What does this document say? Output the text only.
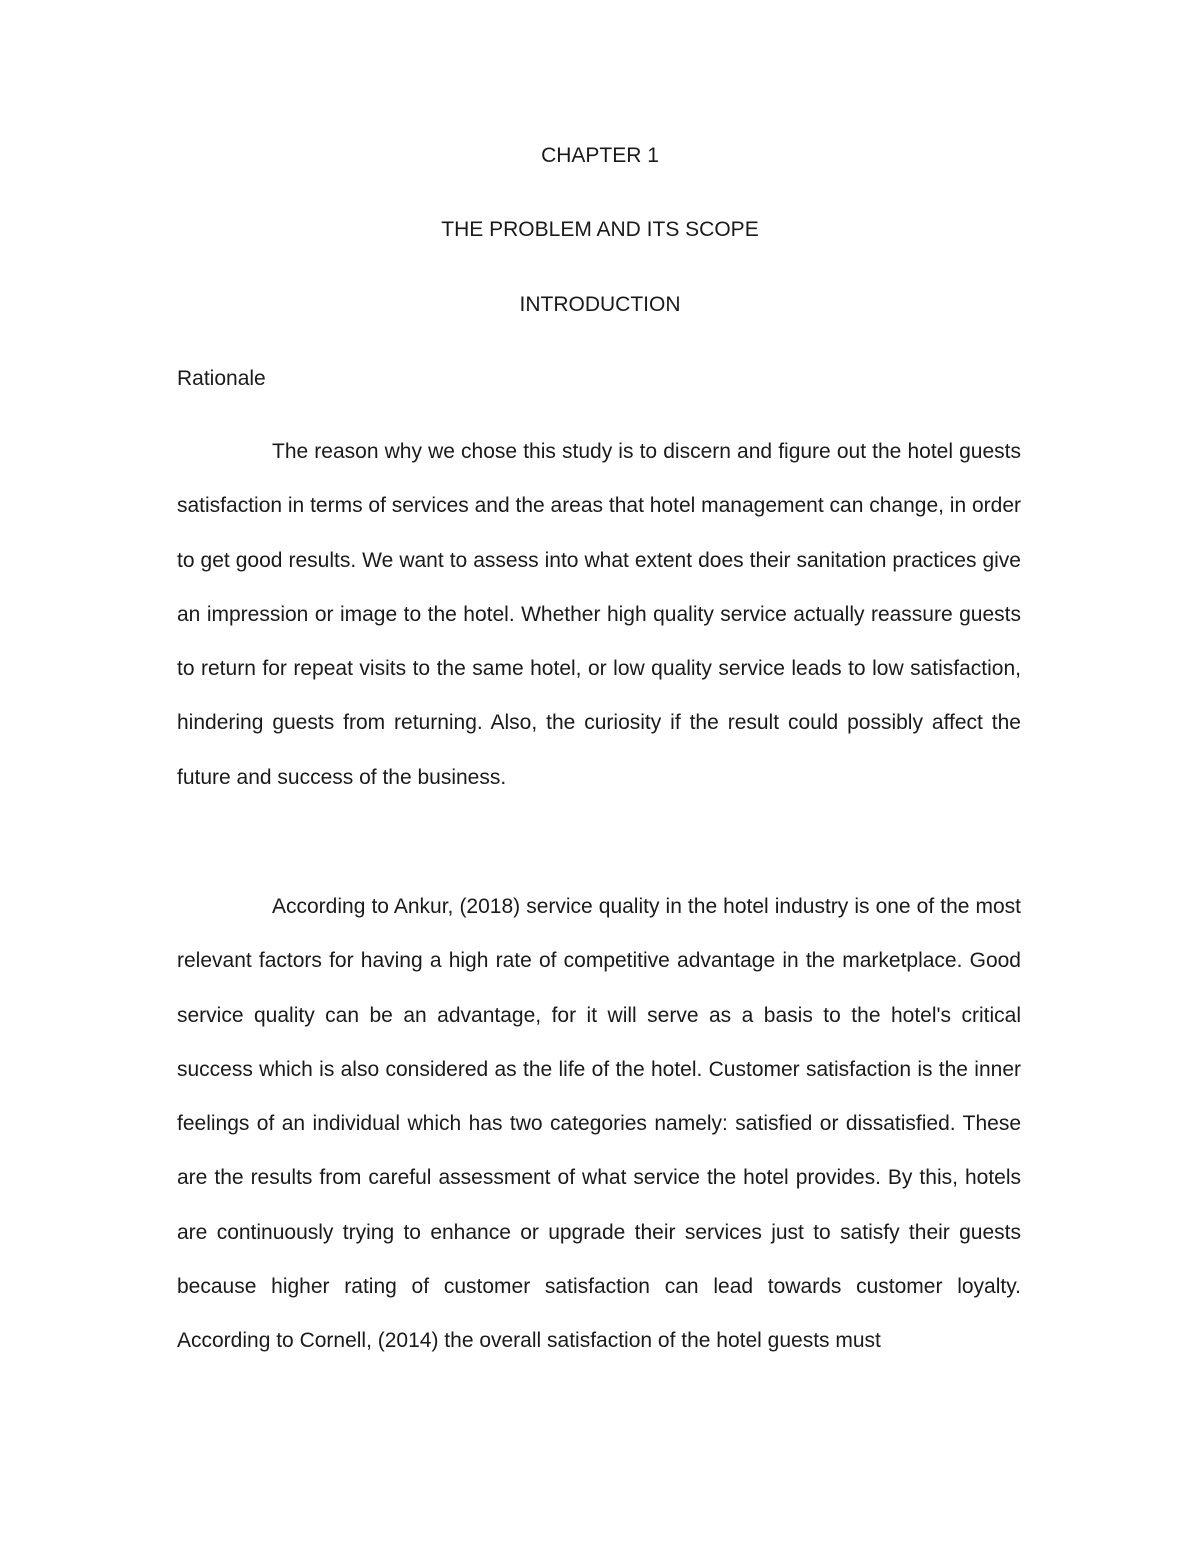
CHAPTER 1
THE PROBLEM AND ITS SCOPE
INTRODUCTION
Rationale

The reason why we chose this study is to discern and figure out the hotel guests satisfaction in terms of services and the areas that hotel management can change, in order to get good results. We want to assess into what extent does their sanitation practices give an impression or image to the hotel. Whether high quality service actually reassure guests to return for repeat visits to the same hotel, or low quality service leads to low satisfaction, hindering guests from returning. Also, the curiosity if the result could possibly affect the future and success of the business.

According to Ankur, (2018) service quality in the hotel industry is one of the most relevant factors for having a high rate of competitive advantage in the marketplace. Good service quality can be an advantage, for it will serve as a basis to the hotel's critical success which is also considered as the life of the hotel. Customer satisfaction is the inner feelings of an individual which has two categories namely: satisfied or dissatisfied. These are the results from careful assessment of what service the hotel provides. By this, hotels are continuously trying to enhance or upgrade their services just to satisfy their guests because higher rating of customer satisfaction can lead towards customer loyalty. According to Cornell, (2014) the overall satisfaction of the hotel guests must
